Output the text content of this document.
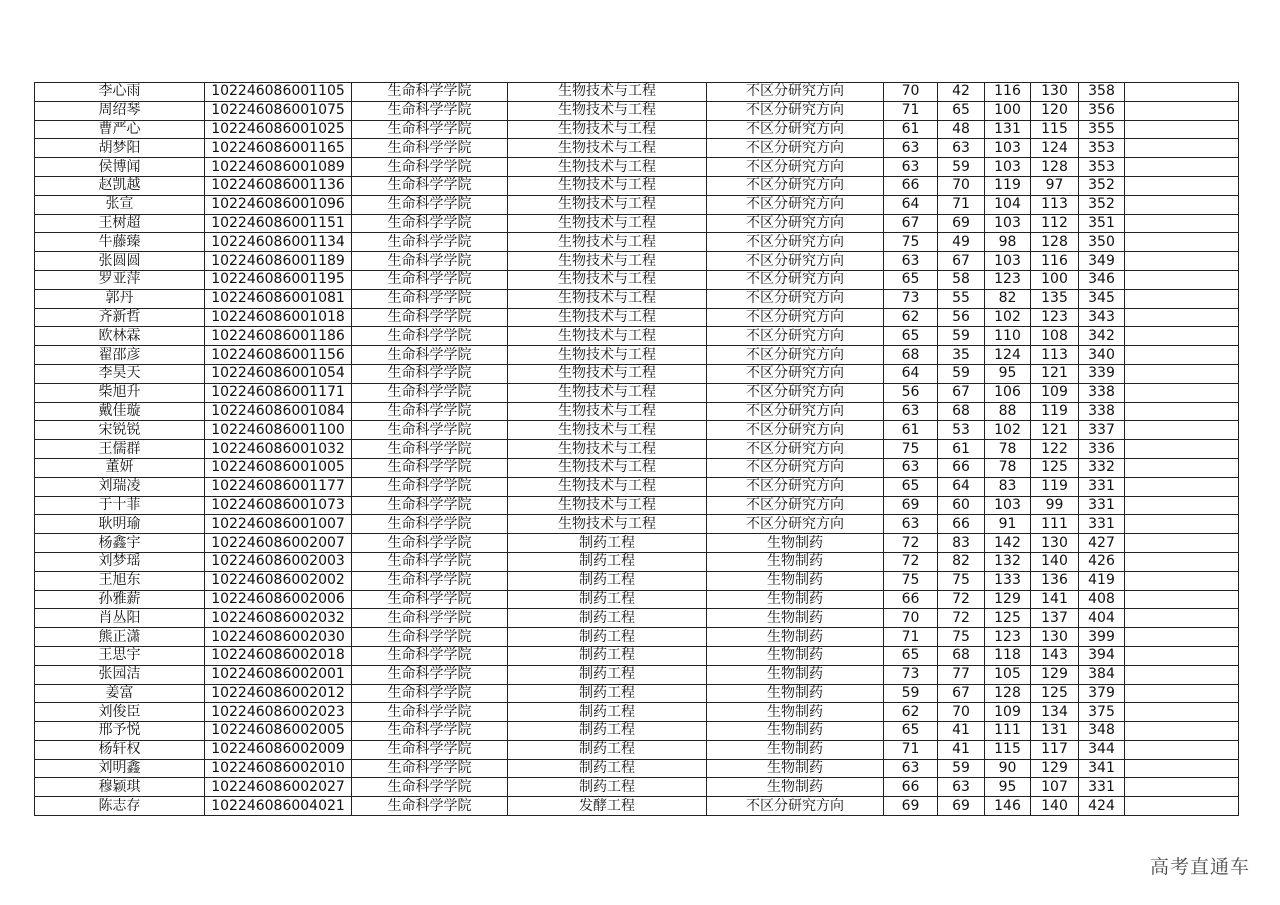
李心雨	102246086001105	生命科学学院	生物技术与工程	不区分研究方向	70	42	116	130	358	
周绍琴	102246086001075	生命科学学院	生物技术与工程	不区分研究方向	71	65	100	120	356	
曹严心	102246086001025	生命科学学院	生物技术与工程	不区分研究方向	61	48	131	115	355	
胡梦阳	102246086001165	生命科学学院	生物技术与工程	不区分研究方向	63	63	103	124	353	
侯博闻	102246086001089	生命科学学院	生物技术与工程	不区分研究方向	63	59	103	128	353	
赵凯越	102246086001136	生命科学学院	生物技术与工程	不区分研究方向	66	70	119	97	352	
张宣	102246086001096	生命科学学院	生物技术与工程	不区分研究方向	64	71	104	113	352	
王树超	102246086001151	生命科学学院	生物技术与工程	不区分研究方向	67	69	103	112	351	
牛藤臻	102246086001134	生命科学学院	生物技术与工程	不区分研究方向	75	49	98	128	350	
张圆圆	102246086001189	生命科学学院	生物技术与工程	不区分研究方向	63	67	103	116	349	
罗亚萍	102246086001195	生命科学学院	生物技术与工程	不区分研究方向	65	58	123	100	346	
郭丹	102246086001081	生命科学学院	生物技术与工程	不区分研究方向	73	55	82	135	345	
齐新哲	102246086001018	生命科学学院	生物技术与工程	不区分研究方向	62	56	102	123	343	
欧林霖	102246086001186	生命科学学院	生物技术与工程	不区分研究方向	65	59	110	108	342	
翟邵彦	102246086001156	生命科学学院	生物技术与工程	不区分研究方向	68	35	124	113	340	
李昊天	102246086001054	生命科学学院	生物技术与工程	不区分研究方向	64	59	95	121	339	
柴旭升	102246086001171	生命科学学院	生物技术与工程	不区分研究方向	56	67	106	109	338	
戴佳璇	102246086001084	生命科学学院	生物技术与工程	不区分研究方向	63	68	88	119	338	
宋锐锐	102246086001100	生命科学学院	生物技术与工程	不区分研究方向	61	53	102	121	337	
王儒群	102246086001032	生命科学学院	生物技术与工程	不区分研究方向	75	61	78	122	336	
董妍	102246086001005	生命科学学院	生物技术与工程	不区分研究方向	63	66	78	125	332	
刘瑞凌	102246086001177	生命科学学院	生物技术与工程	不区分研究方向	65	64	83	119	331	
于十菲	102246086001073	生命科学学院	生物技术与工程	不区分研究方向	69	60	103	99	331	
耿明瑜	102246086001007	生命科学学院	生物技术与工程	不区分研究方向	63	66	91	111	331	
杨鑫宇	102246086002007	生命科学学院	制药工程	生物制药	72	83	142	130	427	
刘梦瑶	102246086002003	生命科学学院	制药工程	生物制药	72	82	132	140	426	
王旭东	102246086002002	生命科学学院	制药工程	生物制药	75	75	133	136	419	
孙雅薪	102246086002006	生命科学学院	制药工程	生物制药	66	72	129	141	408	
肖丛阳	102246086002032	生命科学学院	制药工程	生物制药	70	72	125	137	404	
熊正潇	102246086002030	生命科学学院	制药工程	生物制药	71	75	123	130	399	
王思宇	102246086002018	生命科学学院	制药工程	生物制药	65	68	118	143	394	
张园洁	102246086002001	生命科学学院	制药工程	生物制药	73	77	105	129	384	
姜富	102246086002012	生命科学学院	制药工程	生物制药	59	67	128	125	379	
刘俊臣	102246086002023	生命科学学院	制药工程	生物制药	62	70	109	134	375	
邢予悦	102246086002005	生命科学学院	制药工程	生物制药	65	41	111	131	348	
杨轩权	102246086002009	生命科学学院	制药工程	生物制药	71	41	115	117	344	
刘明鑫	102246086002010	生命科学学院	制药工程	生物制药	63	59	90	129	341	
穆颖琪	102246086002027	生命科学学院	制药工程	生物制药	66	63	95	107	331	
陈志存	102246086004021	生命科学学院	发酵工程	不区分研究方向	69	69	146	140	424	
高考直通车
